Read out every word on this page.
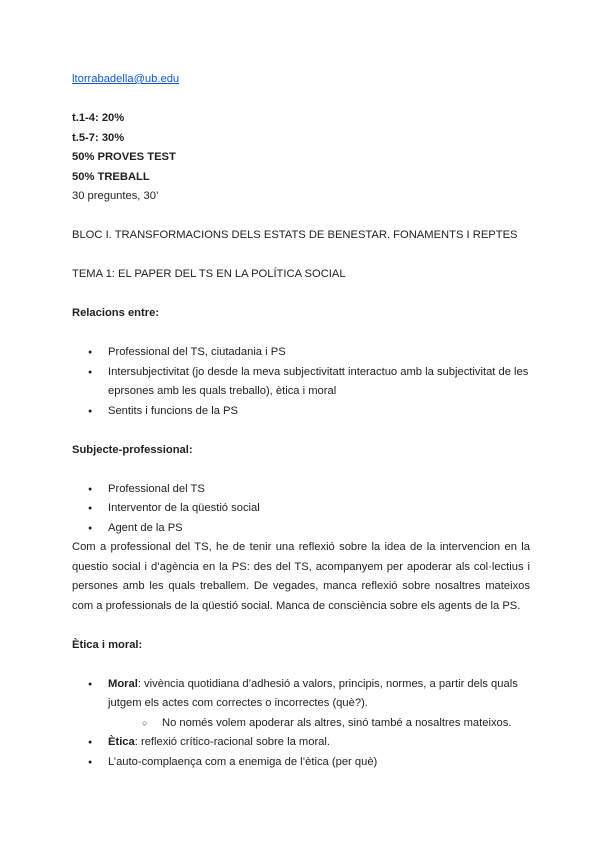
ltorrabadella@ub.edu
t.1-4: 20%
t.5-7: 30%
50% PROVES TEST
50% TREBALL
30 preguntes, 30’
BLOC I. TRANSFORMACIONS DELS ESTATS DE BENESTAR. FONAMENTS I REPTES
TEMA 1: EL PAPER DEL TS EN LA POLÍTICA SOCIAL
Relacions entre:
● Professional del TS, ciutadania i PS
● Intersubjectivitat (jo desde la meva subjectivitatt interactuo amb la subjectivitat de les eprsones amb les quals treballo), ètica i moral
● Sentits i funcions de la PS
Subjecte-professional:
● Professional del TS
● Interventor de la qüestió social
● Agent de la PS
Com a professional del TS, he de tenir una reflexió sobre la idea de la intervencion en la questio social i d’agència en la PS: des del TS, acompanyem per apoderar als col·lectius i persones amb les quals treballem. De vegades, manca reflexió sobre nosaltres mateixos com a professionals de la qüestió social. Manca de consciència sobre els agents de la PS.
Ètica i moral:
● Moral: vivència quotidiana d’adhesió a valors, principis, normes, a partir dels quals jutgem els actes com correctes o incorrectes (què?).
○ No només volem apoderar als altres, sinó també a nosaltres mateixos.
● Ètica: reflexió crítico-racional sobre la moral.
● L’auto-complaença com a enemiga de l’ètica (per què)
